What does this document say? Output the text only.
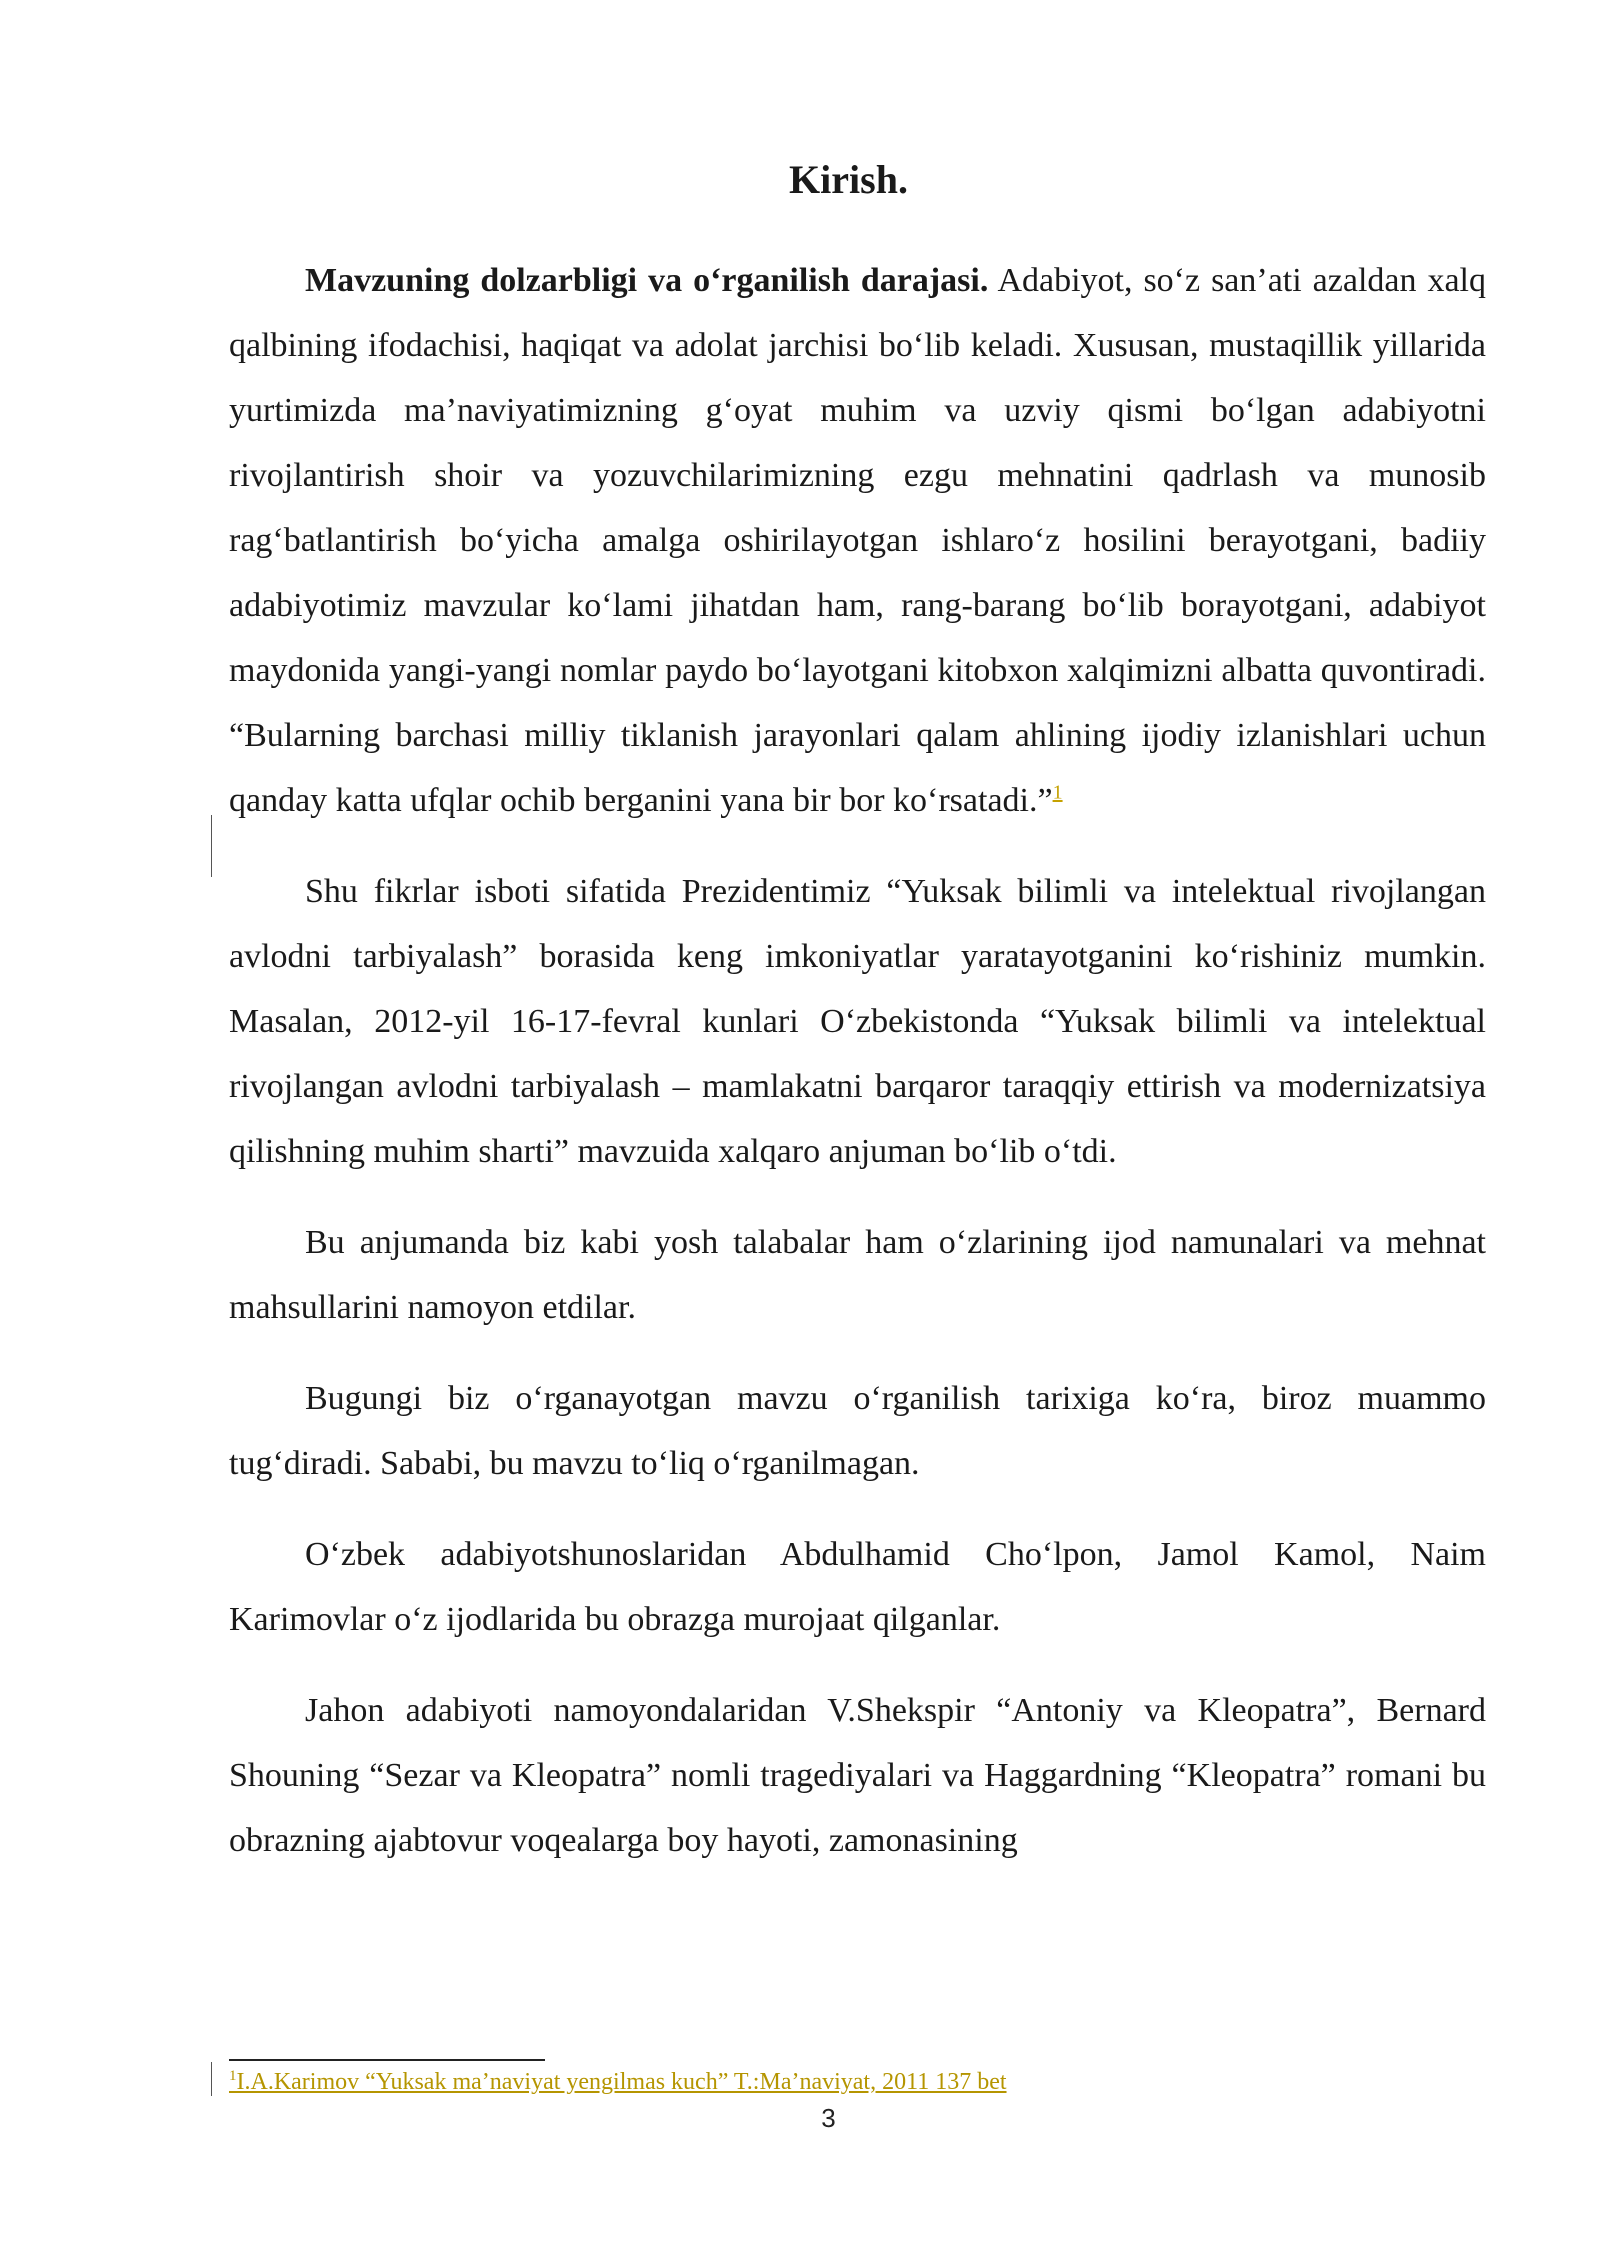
Kirish.

Mavzuning dolzarbligi va o‘rganilish darajasi. Adabiyot, so‘z san’ati azaldan xalq qalbining ifodachisi, haqiqat va adolat jarchisi bo‘lib keladi. Xususan, mustaqillik yillarida yurtimizda ma’naviyatimizning g‘oyat muhim va uzviy qismi bo‘lgan adabiyotni rivojlantirish shoir va yozuvchilarimizning ezgu mehnatini qadrlash va munosib rag‘batlantirish bo‘yicha amalga oshirilayotgan ishlaro‘z hosilini berayotgani, badiiy adabiyotimiz mavzular ko‘lami jihatdan ham, rang-barang bo‘lib borayotgani, adabiyot maydonida yangi-yangi nomlar paydo bo‘layotgani kitobxon xalqimizni albatta quvontiradi. “Bularning barchasi milliy tiklanish jarayonlari qalam ahlining ijodiy izlanishlari uchun qanday katta ufqlar ochib berganini yana bir bor ko‘rsatadi.”$^1$

Shu fikrlar isboti sifatida Prezidentimiz “Yuksak bilimli va intelektual rivojlangan avlodni tarbiyalash” borasida keng imkoniyatlar yaratayotganini ko‘rishiniz mumkin. Masalan, 2012-yil 16-17-fevral kunlari O‘zbekistonda “Yuksak bilimli va intelektual rivojlangan avlodni tarbiyalash – mamlakatni barqaror taraqqiy ettirish va modernizatsiya qilishning muhim sharti” mavzuida xalqaro anjuman bo‘lib o‘tdi.

Bu anjumanda biz kabi yosh talabalar ham o‘zlarining ijod namunalari va mehnat mahsullarini namoyon etdilar.

Bugungi biz o‘rganayotgan mavzu o‘rganilish tarixiga ko‘ra, biroz muammo tug‘diradi. Sababi, bu mavzu to‘liq o‘rganilmagan.

O‘zbek adabiyotshunoslaridan Abdulhamid Cho‘lpon, Jamol Kamol, Naim Karimovlar o‘z ijodlarida bu obrazga murojaat qilganlar.

Jahon adabiyoti namoyondalaridan V.Shekspir “Antoniy va Kleopatra”, Bernard Shouning “Sezar va Kleopatra” nomli tragediyalari va Haggardning “Kleopatra” romani bu obrazning ajabtovur voqealarga boy hayoti, zamonasining

$^1$I.A.Karimov “Yuksak ma’naviyat yengilmas kuch” T.:Ma’naviyat, 2011 137 bet
3
